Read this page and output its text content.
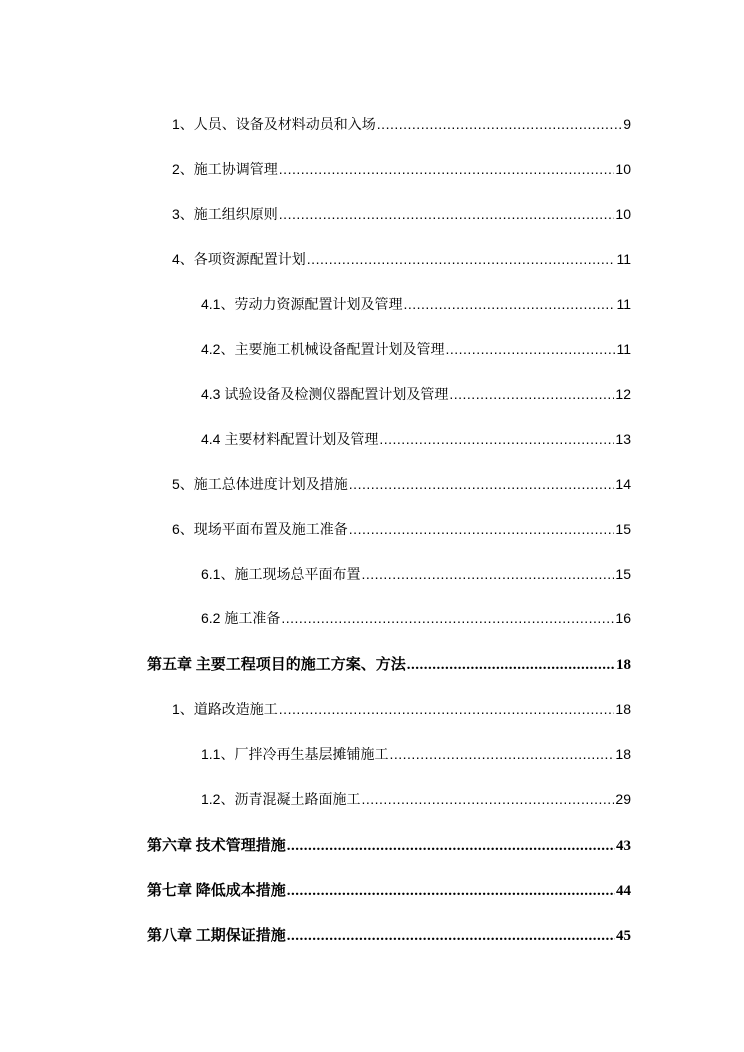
1、人员、设备及材料动员和入场 .....	9
2、施工协调管理 .....	10
3、施工组织原则 .....	10
4、各项资源配置计划 .....	11
4.1、劳动力资源配置计划及管理 .....	11
4.2、主要施工机械设备配置计划及管理 .....	11
4.3 试验设备及检测仪器配置计划及管理 .....	12
4.4 主要材料配置计划及管理 .....	13
5、施工总体进度计划及措施 .....	14
6、现场平面布置及施工准备 .....	15
6.1、施工现场总平面布置 .....	15
6.2 施工准备 .....	16
第五章 主要工程项目的施工方案、方法 .....	18
1、道路改造施工 .....	18
1.1、厂拌冷再生基层摊铺施工 .....	18
1.2、沥青混凝土路面施工 .....	29
第六章 技术管理措施 .....	43
第七章 降低成本措施 .....	44
第八章 工期保证措施 .....	45
